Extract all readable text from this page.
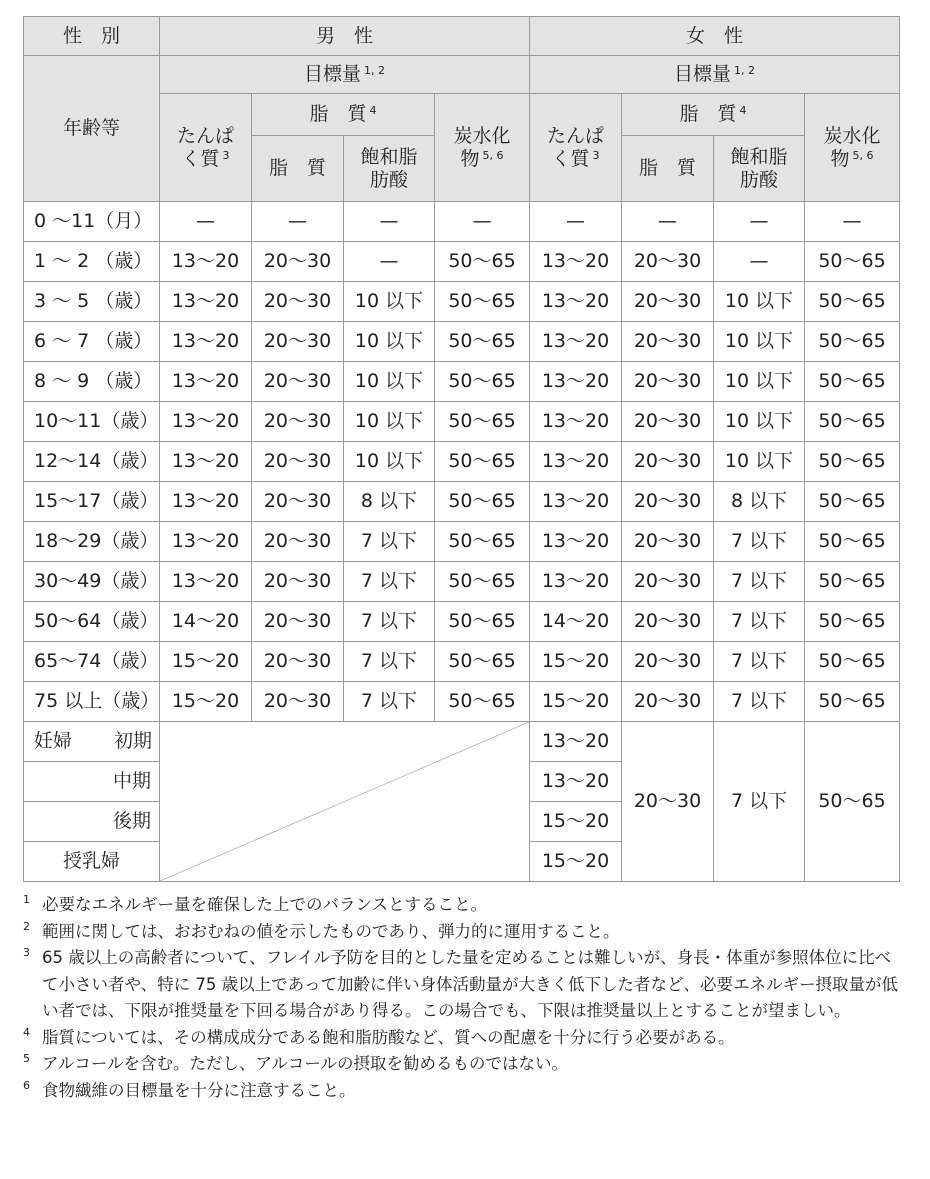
性　別	男　性				女　性			
年齢等	目標量 $^{1, 2}$				目標量 $^{1, 2}$
	たんぱく質 $^3$	脂　質 $^4$		炭水化物 $^{5, 6}$	たんぱく質 $^3$	脂　質 $^4$		炭水化物 $^{5, 6}$
		脂　質	飽和脂肪酸			脂　質	飽和脂肪酸	
0 ～11（月）	—	—	—	—	—	—	—	—
1 ～ 2 （歳）	13～20	20～30	—	50～65	13～20	20～30	—	50～65
3 ～ 5 （歳）	13～20	20～30	10 以下	50～65	13～20	20～30	10 以下	50～65
6 ～ 7 （歳）	13～20	20～30	10 以下	50～65	13～20	20～30	10 以下	50～65
8 ～ 9 （歳）	13～20	20～30	10 以下	50～65	13～20	20～30	10 以下	50～65
10～11（歳）	13～20	20～30	10 以下	50～65	13～20	20～30	10 以下	50～65
12～14（歳）	13～20	20～30	10 以下	50～65	13～20	20～30	10 以下	50～65
15～17（歳）	13～20	20～30	8 以下	50～65	13～20	20～30	8 以下	50～65
18～29（歳）	13～20	20～30	7 以下	50～65	13～20	20～30	7 以下	50～65
30～49（歳）	13～20	20～30	7 以下	50～65	13～20	20～30	7 以下	50～65
50～64（歳）	14～20	20～30	7 以下	50～65	14～20	20～30	7 以下	50～65
65～74（歳）	15～20	20～30	7 以下	50～65	15～20	20～30	7 以下	50～65
75 以上（歳）	15～20	20～30	7 以下	50～65	15～20	20～30	7 以下	50～65
妊婦 初期					13～20	20～30	7 以下	50～65
中期					13～20			
後期					15～20			
授乳婦					15～20			
1 必要なエネルギー量を確保した上でのバランスとすること。
2 範囲に関しては、おおむねの値を示したものであり、弾力的に運用すること。
3 65 歳以上の高齢者について、フレイル予防を目的とした量を定めることは難しいが、身長・体重が参照体位に比べて小さい者や、特に 75 歳以上であって加齢に伴い身体活動量が大きく低下した者など、必要エネルギー摂取量が低い者では、下限が推奨量を下回る場合があり得る。この場合でも、下限は推奨量以上とすることが望ましい。
4 脂質については、その構成成分である飽和脂肪酸など、質への配慮を十分に行う必要がある。
5 アルコールを含む。ただし、アルコールの摂取を勧めるものではない。
6 食物繊維の目標量を十分に注意すること。
